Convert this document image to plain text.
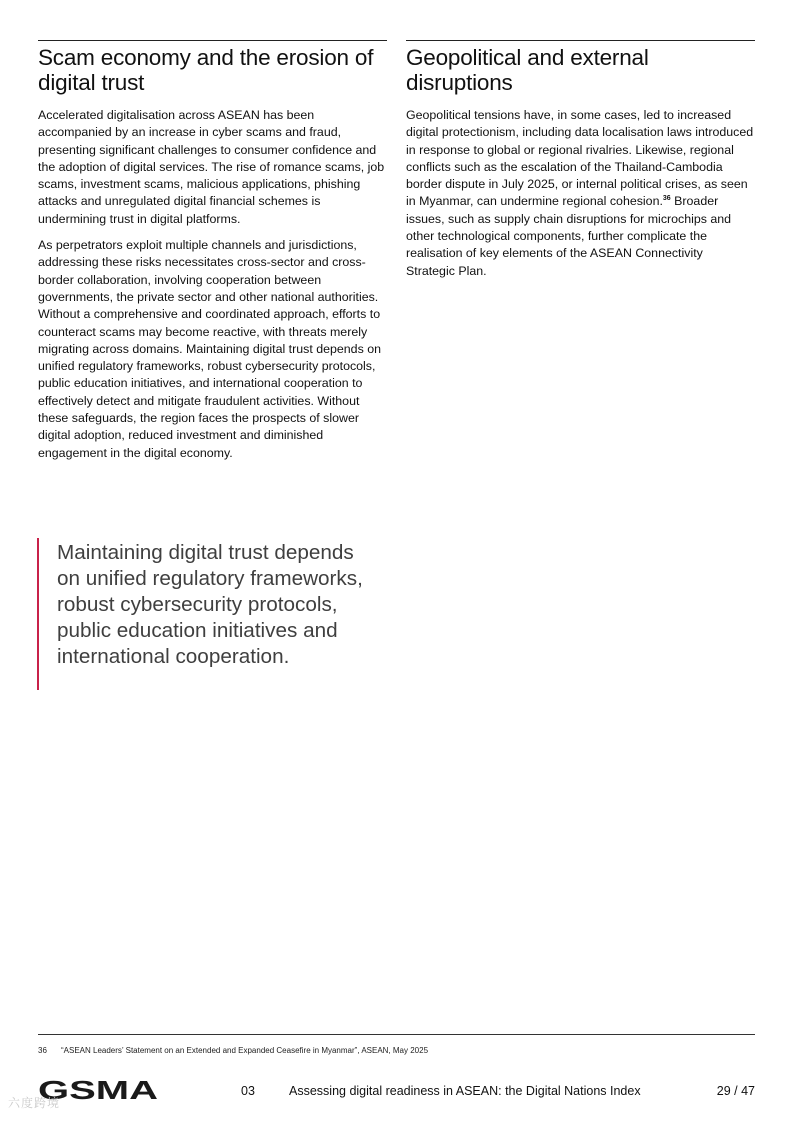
Scam economy and the erosion of digital trust

Accelerated digitalisation across ASEAN has been accompanied by an increase in cyber scams and fraud, presenting significant challenges to consumer confidence and the adoption of digital services. The rise of romance scams, job scams, investment scams, malicious applications, phishing attacks and unregulated digital financial schemes is undermining trust in digital platforms.

As perpetrators exploit multiple channels and jurisdictions, addressing these risks necessitates cross-sector and cross-border collaboration, involving cooperation between governments, the private sector and other national authorities. Without a comprehensive and coordinated approach, efforts to counteract scams may become reactive, with threats merely migrating across domains. Maintaining digital trust depends on unified regulatory frameworks, robust cybersecurity protocols, public education initiatives, and international cooperation to effectively detect and mitigate fraudulent activities. Without these safeguards, the region faces the prospects of slower digital adoption, reduced investment and diminished engagement in the digital economy.

Geopolitical and external disruptions

Geopolitical tensions have, in some cases, led to increased digital protectionism, including data localisation laws introduced in response to global or regional rivalries. Likewise, regional conflicts such as the escalation of the Thailand-Cambodia border dispute in July 2025, or internal political crises, as seen in Myanmar, can undermine regional cohesion.$^{36}$ Broader issues, such as supply chain disruptions for microchips and other technological components, further complicate the realisation of key elements of the ASEAN Connectivity Strategic Plan.

Maintaining digital trust depends on unified regulatory frameworks, robust cybersecurity protocols, public education initiatives and international cooperation.

36 “ASEAN Leaders’ Statement on an Extended and Expanded Ceasefire in Myanmar”, ASEAN, May 2025
GSMA
六度跨境
03	Assessing digital readiness in ASEAN: the Digital Nations Index	29 / 47
